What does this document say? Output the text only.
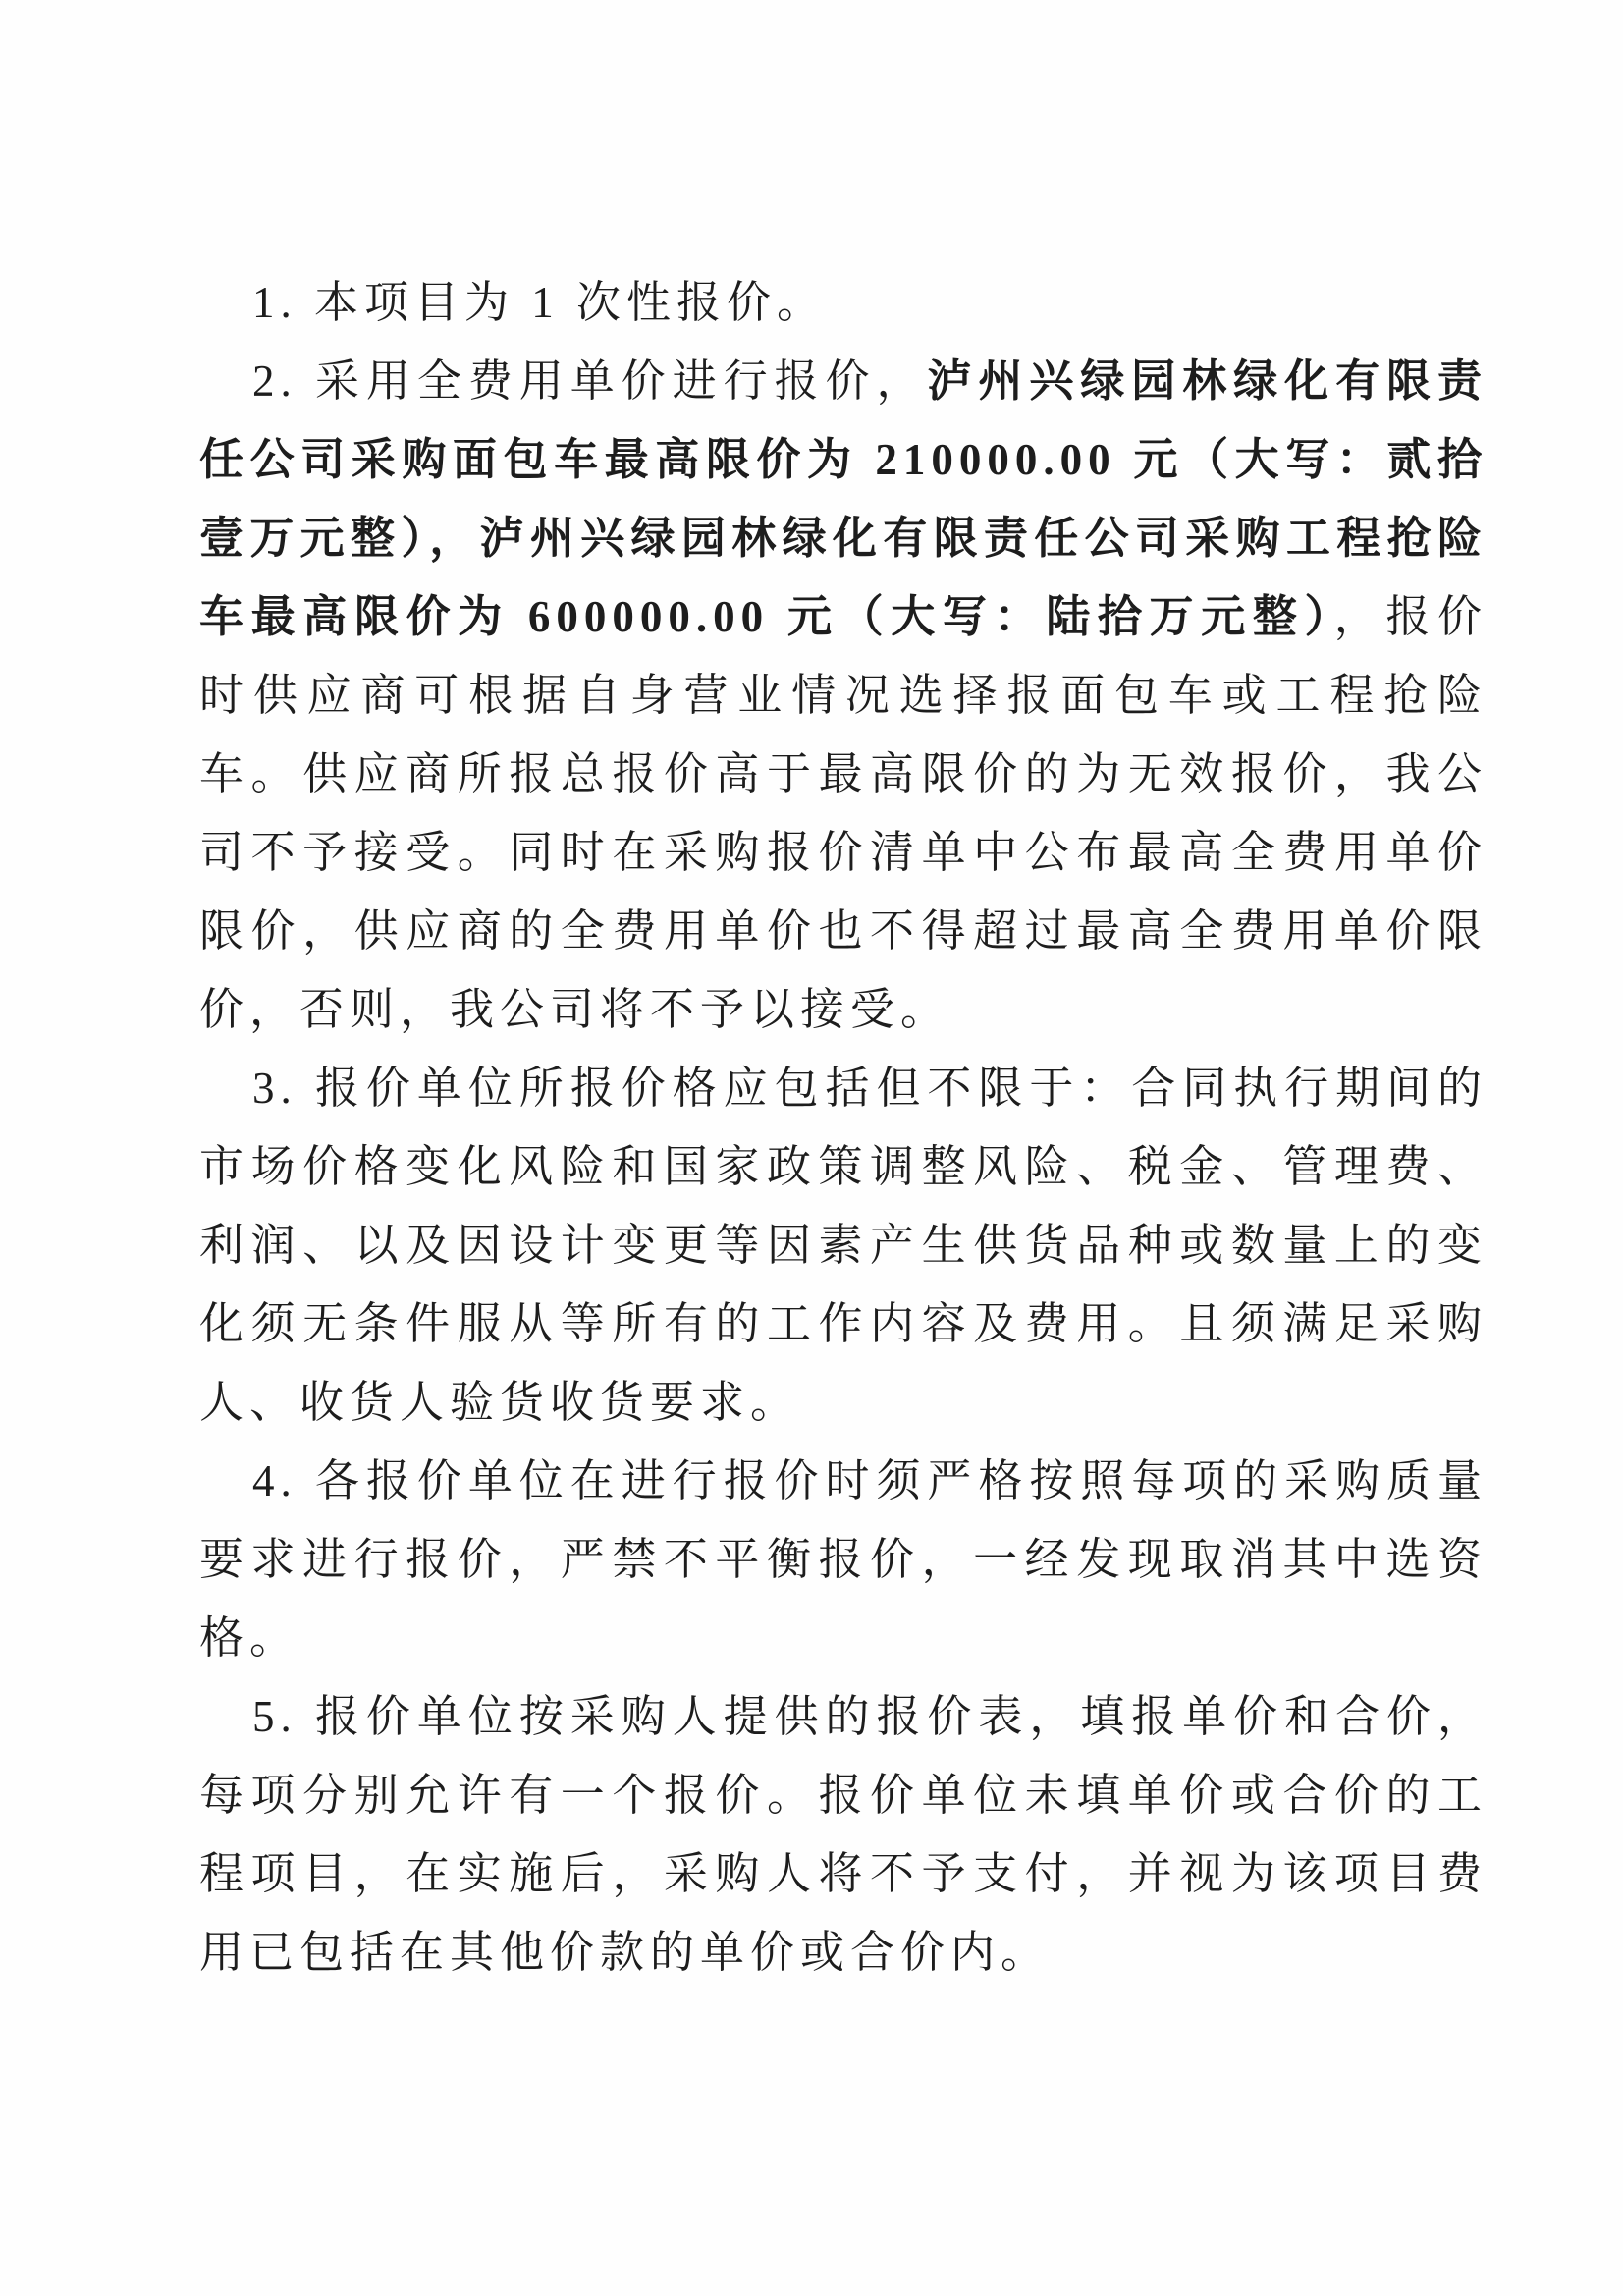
1. 本项目为 1 次性报价。

2. 采用全费用单价进行报价，泸州兴绿园林绿化有限责任公司采购面包车最高限价为 210000.00 元（大写：贰拾壹万元整），泸州兴绿园林绿化有限责任公司采购工程抢险车最高限价为 600000.00 元（大写：陆拾万元整），报价时供应商可根据自身营业情况选择报面包车或工程抢险车。供应商所报总报价高于最高限价的为无效报价，我公司不予接受。同时在采购报价清单中公布最高全费用单价限价，供应商的全费用单价也不得超过最高全费用单价限价，否则，我公司将不予以接受。

3. 报价单位所报价格应包括但不限于：合同执行期间的市场价格变化风险和国家政策调整风险、税金、管理费、利润、以及因设计变更等因素产生供货品种或数量上的变化须无条件服从等所有的工作内容及费用。且须满足采购人、收货人验货收货要求。

4. 各报价单位在进行报价时须严格按照每项的采购质量要求进行报价，严禁不平衡报价，一经发现取消其中选资格。

5. 报价单位按采购人提供的报价表，填报单价和合价，每项分别允许有一个报价。报价单位未填单价或合价的工程项目，在实施后，采购人将不予支付，并视为该项目费用已包括在其他价款的单价或合价内。
